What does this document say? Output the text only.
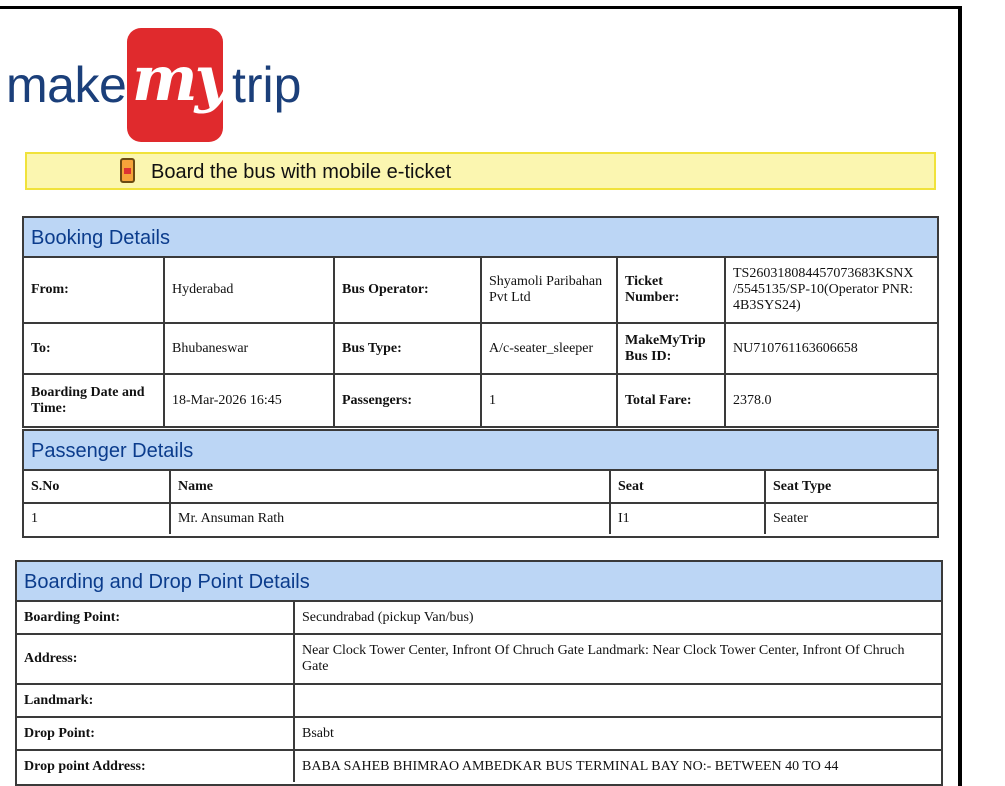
make my trip
Board the bus with mobile e-ticket
Booking Details
From:	Hyderabad	Bus Operator:	Shyamoli Paribahan Pvt Ltd	Ticket Number:	TS260318084457073683KSNX /5545135/SP-10(Operator PNR: 4B3SYS24)
To:	Bhubaneswar	Bus Type:	A/c-seater_sleeper	MakeMyTrip Bus ID:	NU710761163606658
Boarding Date and Time:	18-Mar-2026 16:45	Passengers:	1	Total Fare:	2378.0
Passenger Details
S.No	Name	Seat	Seat Type
1	Mr. Ansuman Rath	I1	Seater
Boarding and Drop Point Details
Boarding Point:	Secundrabad (pickup Van/bus)
Address:	Near Clock Tower Center, Infront Of Chruch Gate Landmark: Near Clock Tower Center, Infront Of Chruch Gate
Landmark:	
Drop Point:	Bsabt
Drop point Address:	BABA SAHEB BHIMRAO AMBEDKAR BUS TERMINAL BAY NO:- BETWEEN 40 TO 44
